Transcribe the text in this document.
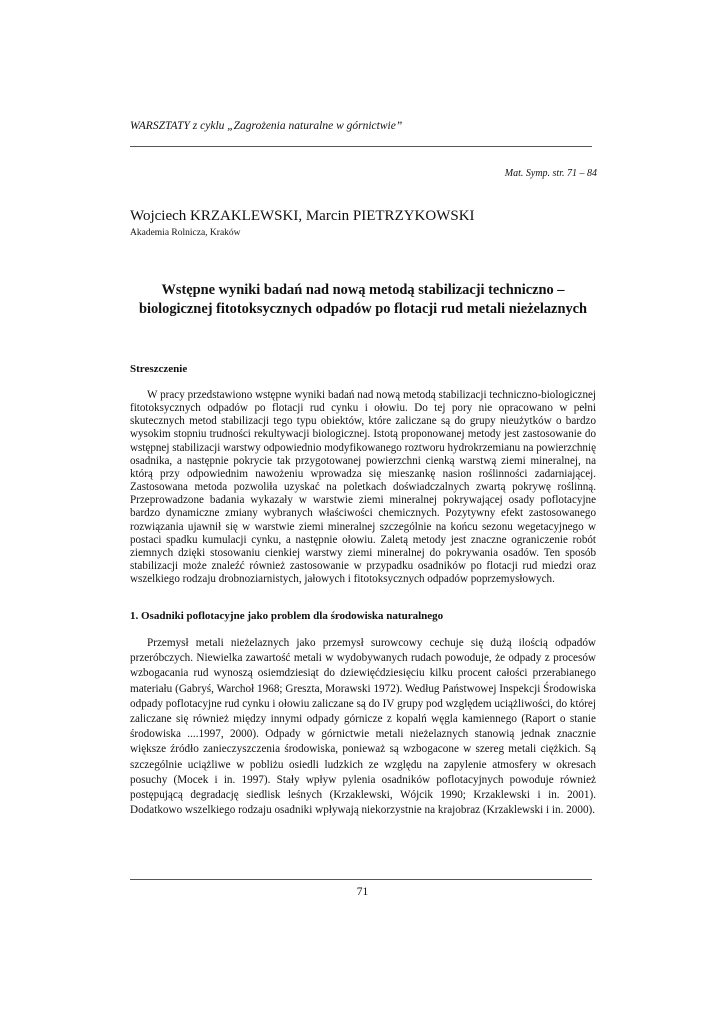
WARSZTATY z cyklu „Zagrożenia naturalne w górnictwie”
Mat. Symp. str. 71 – 84
Wojciech KRZAKLEWSKI, Marcin PIETRZYKOWSKI
Akademia Rolnicza, Kraków
Wstępne wyniki badań nad nową metodą stabilizacji techniczno –
biologicznej fitotoksycznych odpadów po flotacji rud metali nieżelaznych
Streszczenie

W pracy przedstawiono wstępne wyniki badań nad nową metodą stabilizacji techniczno-biologicznej fitotoksycznych odpadów po flotacji rud cynku i ołowiu. Do tej pory nie opracowano w pełni skutecznych metod stabilizacji tego typu obiektów, które zaliczane są do grupy nieużytków o bardzo wysokim stopniu trudności rekultywacji biologicznej. Istotą proponowanej metody jest zastosowanie do wstępnej stabilizacji warstwy odpowiednio modyfikowanego roztworu hydrokrzemianu na powierzchnię osadnika, a następnie pokrycie tak przygotowanej powierzchni cienką warstwą ziemi mineralnej, na którą przy odpowiednim nawożeniu wprowadza się mieszankę nasion roślinności zadarniającej. Zastosowana metoda pozwoliła uzyskać na poletkach doświadczalnych zwartą pokrywę roślinną. Przeprowadzone badania wykazały w warstwie ziemi mineralnej pokrywającej osady poflotacyjne bardzo dynamiczne zmiany wybranych właściwości chemicznych. Pozytywny efekt zastosowanego rozwiązania ujawnił się w warstwie ziemi mineralnej szczególnie na końcu sezonu wegetacyjnego w postaci spadku kumulacji cynku, a następnie ołowiu. Zaletą metody jest znaczne ograniczenie robót ziemnych dzięki stosowaniu cienkiej warstwy ziemi mineralnej do pokrywania osadów. Ten sposób stabilizacji może znaleźć również zastosowanie w przypadku osadników po flotacji rud miedzi oraz wszelkiego rodzaju drobnoziarnistych, jałowych i fitotoksycznych odpadów poprzemysłowych.

1. Osadniki poflotacyjne jako problem dla środowiska naturalnego

Przemysł metali nieżelaznych jako przemysł surowcowy cechuje się dużą ilością odpadów przeróbczych. Niewielka zawartość metali w wydobywanych rudach powoduje, że odpady z procesów wzbogacania rud wynoszą osiemdziesiąt do dziewięćdziesięciu kilku procent całości przerabianego materiału (Gabryś, Warchoł 1968; Greszta, Morawski 1972). Według Państwowej Inspekcji Środowiska odpady poflotacyjne rud cynku i ołowiu zaliczane są do IV grupy pod względem uciążliwości, do której zaliczane się również między innymi odpady górnicze z kopalń węgla kamiennego (Raport o stanie środowiska ....1997, 2000). Odpady w górnictwie metali nieżelaznych stanowią jednak znacznie większe źródło zanieczyszczenia środowiska, ponieważ są wzbogacone w szereg metali ciężkich. Są szczególnie uciążliwe w pobliżu osiedli ludzkich ze względu na zapylenie atmosfery w okresach posuchy (Mocek i in. 1997). Stały wpływ pylenia osadników poflotacyjnych powoduje również postępującą degradację siedlisk leśnych (Krzaklewski, Wójcik 1990; Krzaklewski i in. 2001). Dodatkowo wszelkiego rodzaju osadniki wpływają niekorzystnie na krajobraz (Krzaklewski i in. 2000).

71
